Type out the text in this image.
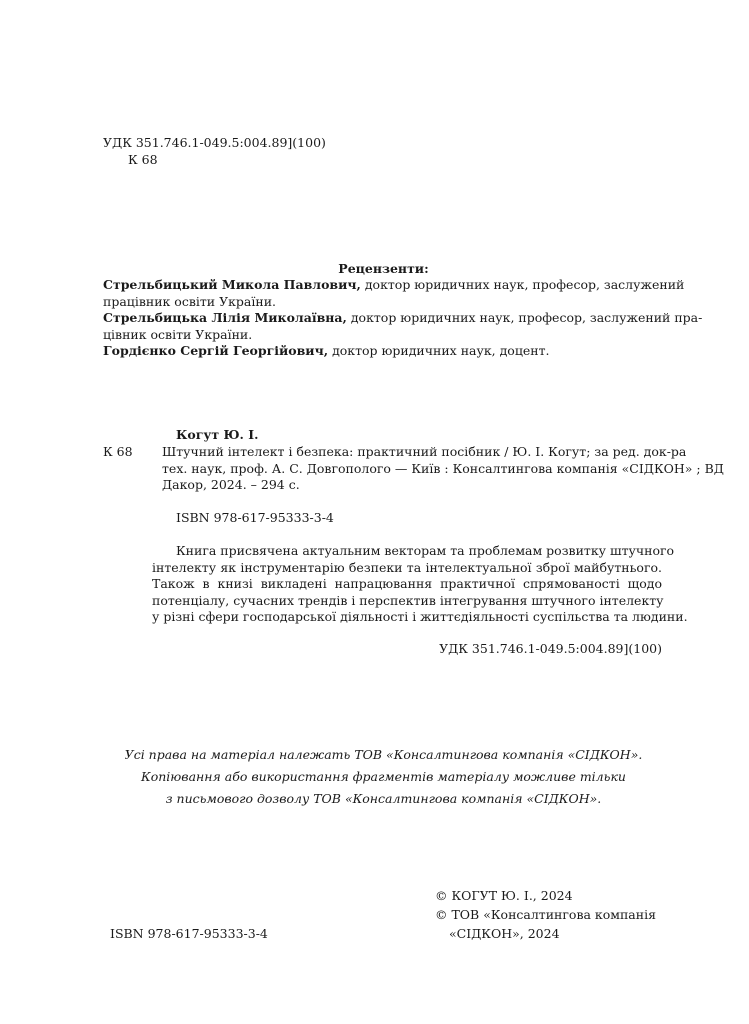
УДК 351.746.1-049.5:004.89](100)
К 68
Рецензенти:
Стрельбицький Микола Павлович, доктор юридичних наук, професор, заслужений
працівник освіти України.
Стрельбицька Лілія Миколаївна, доктор юридичних наук, професор, заслужений пра-
цівник освіти України.
Гордієнко Сергій Георгійович, доктор юридичних наук, доцент.
Когут Ю. І.
К 68 Штучний інтелект і безпека: практичний посібник / Ю. І. Когут; за ред. док-ра
тех. наук, проф. А. С. Довгополого — Київ : Консалтингова компанія «СІДКОН» ; ВД
Дакор, 2024. – 294 с.
ISBN 978-617-95333-3-4
Книга присвячена актуальним векторам та проблемам розвитку штучного
інтелекту як інструментарію безпеки та інтелектуальної зброї майбутнього.
Також в книзі викладені напрацювання практичної спрямованості щодо
потенціалу, сучасних трендів і перспектив інтегрування штучного інтелекту
у різні сфери господарської діяльності і життєдіяльності суспільства та людини.
УДК 351.746.1-049.5:004.89](100)
Усі права на матеріал належать ТОВ «Консалтингова компанія «СІДКОН».
Копіювання або використання фрагментів матеріалу можливе тільки
з письмового дозволу ТОВ «Консалтингова компанія «СІДКОН».
© КОГУТ Ю. І., 2024
© ТОВ «Консалтингова компанія
ISBN 978-617-95333-3-4	«СІДКОН», 2024
